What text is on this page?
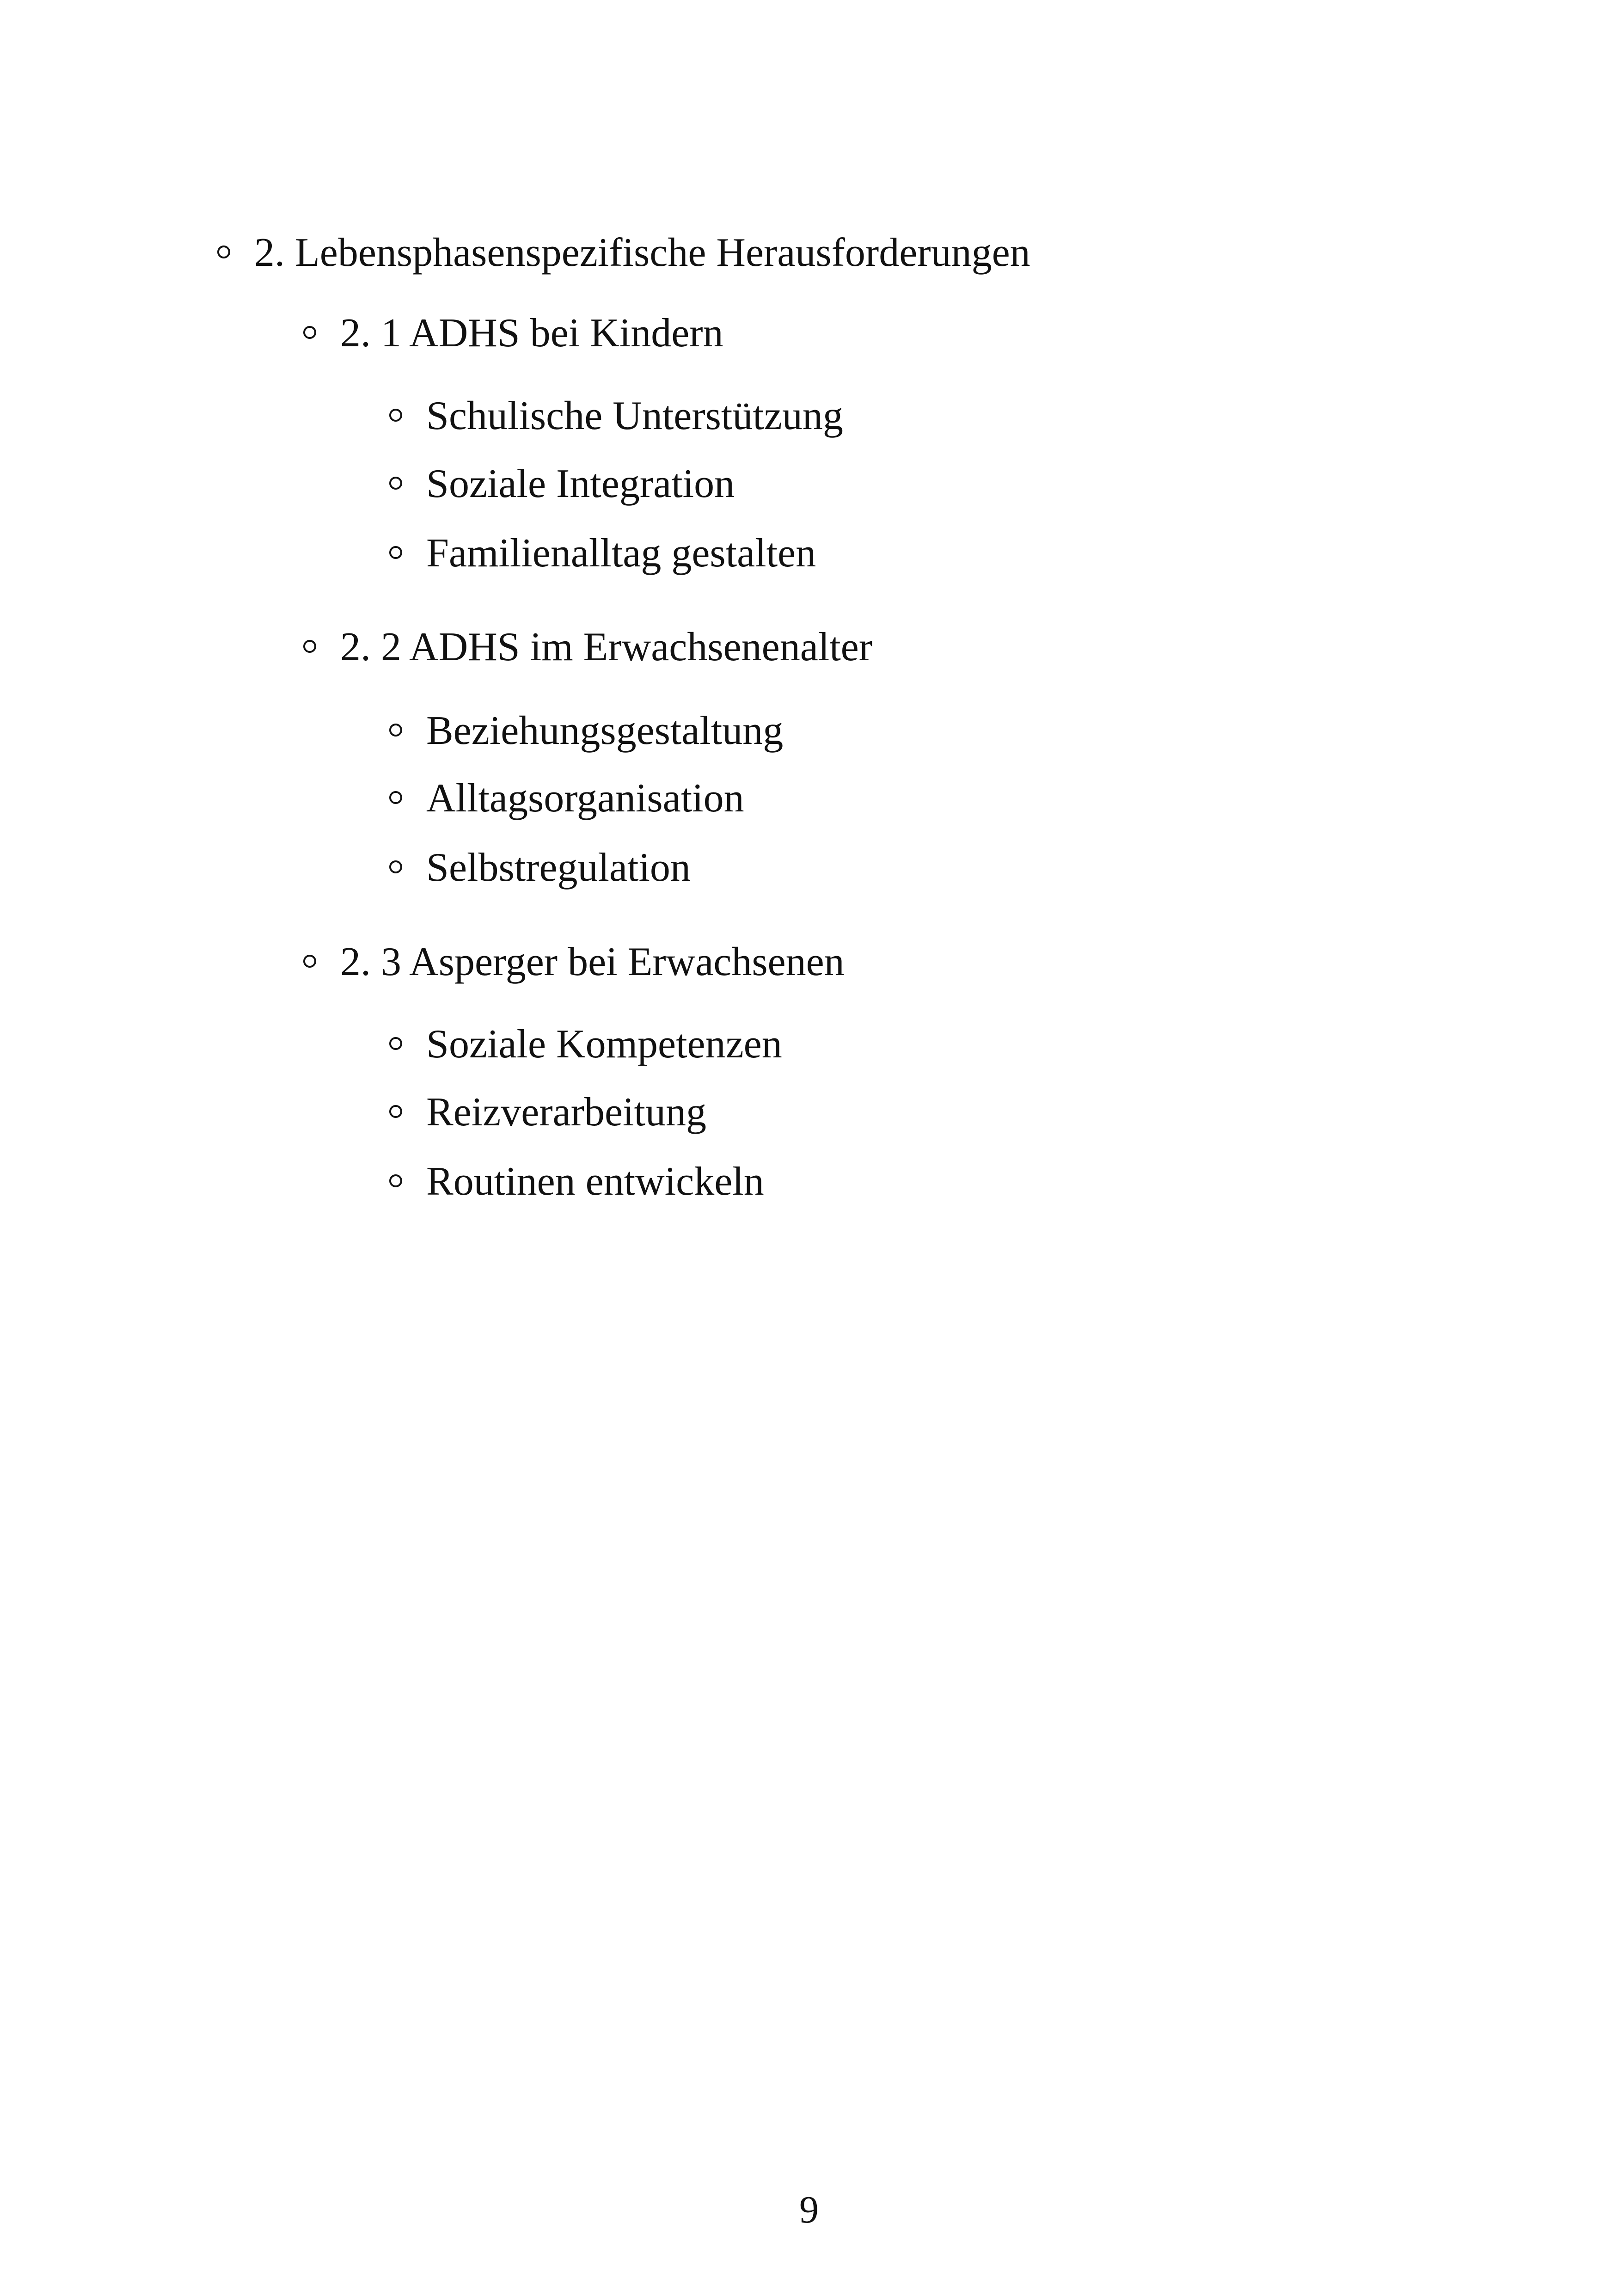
2. Lebensphasenspezifische Herausforderungen
2. 1 ADHS bei Kindern
Schulische Unterstützung
Soziale Integration
Familienalltag gestalten
2. 2 ADHS im Erwachsenenalter
Beziehungsgestaltung
Alltagsorganisation
Selbstregulation
2. 3 Asperger bei Erwachsenen
Soziale Kompetenzen
Reizverarbeitung
Routinen entwickeln
9
